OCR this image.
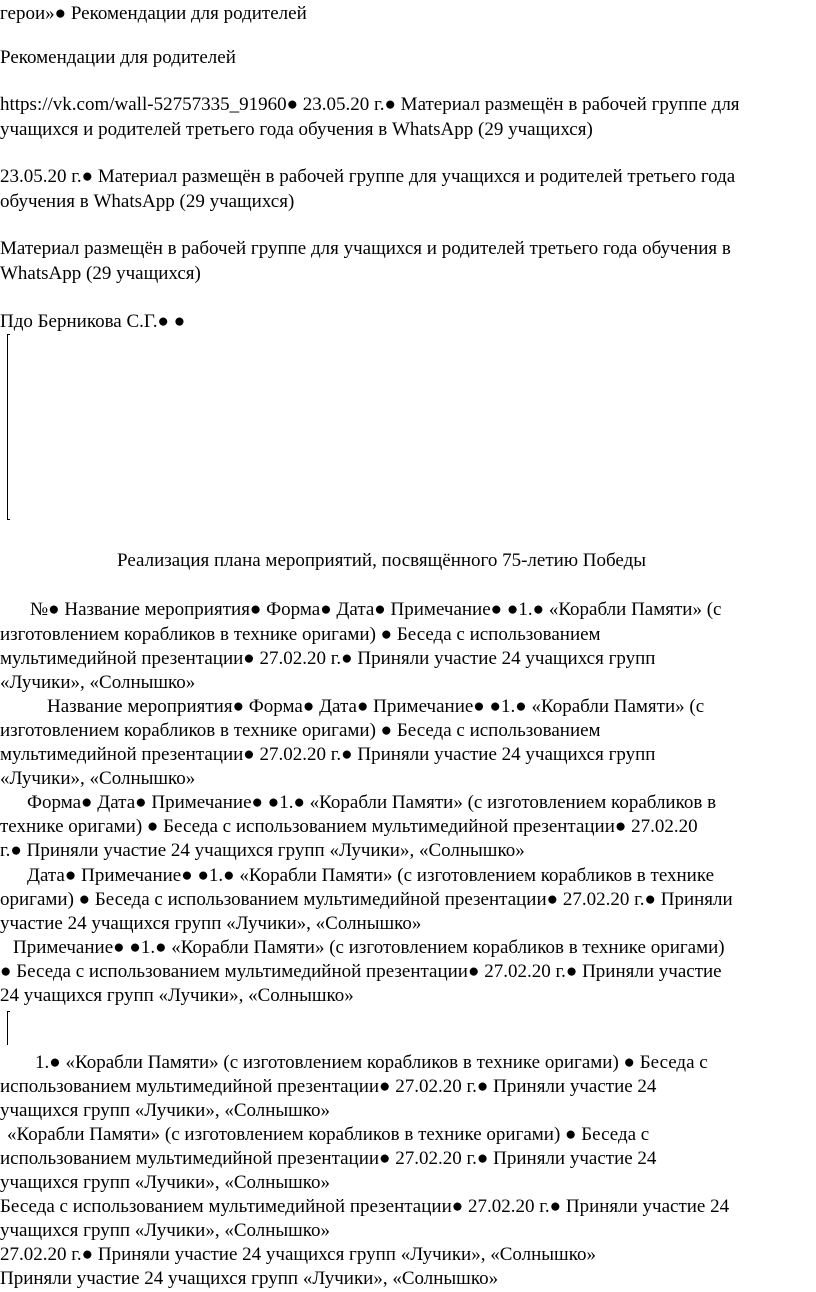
герои»● Рекомендации для родителей
Рекомендации для родителей
https://vk.com/wall-52757335_91960● 23.05.20 г.● Материал размещён в рабочей группе для
учащихся и родителей третьего года обучения в WhatsApp (29 учащихся)
23.05.20 г.● Материал размещён в рабочей группе для учащихся и родителей третьего года
обучения в WhatsApp (29 учащихся)
Материал размещён в рабочей группе для учащихся и родителей третьего года обучения в
WhatsApp (29 учащихся)
Пдо Берникова С.Г.● ●
Реализация плана мероприятий, посвящённого 75-летию Победы
№● Название мероприятия● Форма● Дата● Примечание● ●1.● «Корабли Памяти» (с
изготовлением корабликов в технике оригами) ● Беседа с использованием
мультимедийной презентации● 27.02.20 г.● Приняли участие 24 учащихся групп
«Лучики», «Солнышко»
Название мероприятия● Форма● Дата● Примечание● ●1.● «Корабли Памяти» (с
изготовлением корабликов в технике оригами) ● Беседа с использованием
мультимедийной презентации● 27.02.20 г.● Приняли участие 24 учащихся групп
«Лучики», «Солнышко»
Форма● Дата● Примечание● ●1.● «Корабли Памяти» (с изготовлением корабликов в
технике оригами) ● Беседа с использованием мультимедийной презентации● 27.02.20
г.● Приняли участие 24 учащихся групп «Лучики», «Солнышко»
Дата● Примечание● ●1.● «Корабли Памяти» (с изготовлением корабликов в технике
оригами) ● Беседа с использованием мультимедийной презентации● 27.02.20 г.● Приняли
участие 24 учащихся групп «Лучики», «Солнышко»
Примечание● ●1.● «Корабли Памяти» (с изготовлением корабликов в технике оригами)
● Беседа с использованием мультимедийной презентации● 27.02.20 г.● Приняли участие
24 учащихся групп «Лучики», «Солнышко»
1.● «Корабли Памяти» (с изготовлением корабликов в технике оригами) ● Беседа с
использованием мультимедийной презентации● 27.02.20 г.● Приняли участие 24
учащихся групп «Лучики», «Солнышко»
«Корабли Памяти» (с изготовлением корабликов в технике оригами) ● Беседа с
использованием мультимедийной презентации● 27.02.20 г.● Приняли участие 24
учащихся групп «Лучики», «Солнышко»
Беседа с использованием мультимедийной презентации● 27.02.20 г.● Приняли участие 24
учащихся групп «Лучики», «Солнышко»
27.02.20 г.● Приняли участие 24 учащихся групп «Лучики», «Солнышко»
Приняли участие 24 учащихся групп «Лучики», «Солнышко»
